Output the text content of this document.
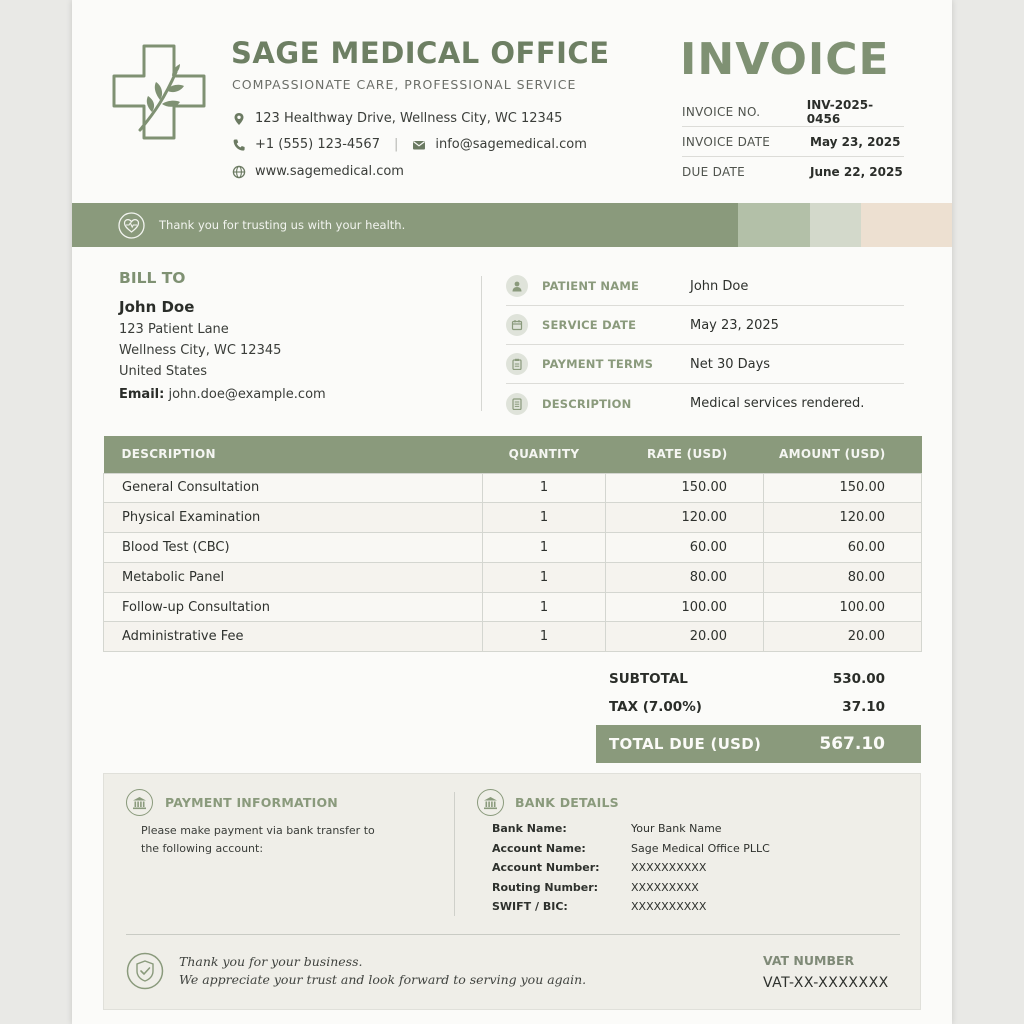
SAGE MEDICAL OFFICE
COMPASSIONATE CARE, PROFESSIONAL SERVICE
123 Healthway Drive, Wellness City, WC 12345
+1 (555) 123-4567 |	info@sagemedical.com
www.sagemedical.com
INVOICE
INVOICE NO.	INV-2025-0456
INVOICE DATE	May 23, 2025
DUE DATE	June 22, 2025
Thank you for trusting us with your health.
BILL TO
John Doe
123 Patient Lane
Wellness City, WC 12345
United States
Email: john.doe@example.com
PATIENT NAME	John Doe
SERVICE DATE	May 23, 2025
PAYMENT TERMS	Net 30 Days
DESCRIPTION	Medical services rendered.
DESCRIPTION	QUANTITY	RATE (USD)	AMOUNT (USD)
General Consultation	1	150.00	150.00
Physical Examination	1	120.00	120.00
Blood Test (CBC)	1	60.00	60.00
Metabolic Panel	1	80.00	80.00
Follow-up Consultation	1	100.00	100.00
Administrative Fee	1	20.00	20.00
SUBTOTAL	530.00
TAX (7.00%)	37.10
TOTAL DUE (USD)	567.10
PAYMENT INFORMATION
Please make payment via bank transfer to the following account:
BANK DETAILS
Bank Name:	Your Bank Name
Account Name:	Sage Medical Office PLLC
Account Number:	XXXXXXXXXX
Routing Number:	XXXXXXXXX
SWIFT / BIC:	XXXXXXXXXX
Thank you for your business.
We appreciate your trust and look forward to serving you again.
VAT NUMBER
VAT-XX-XXXXXXX
